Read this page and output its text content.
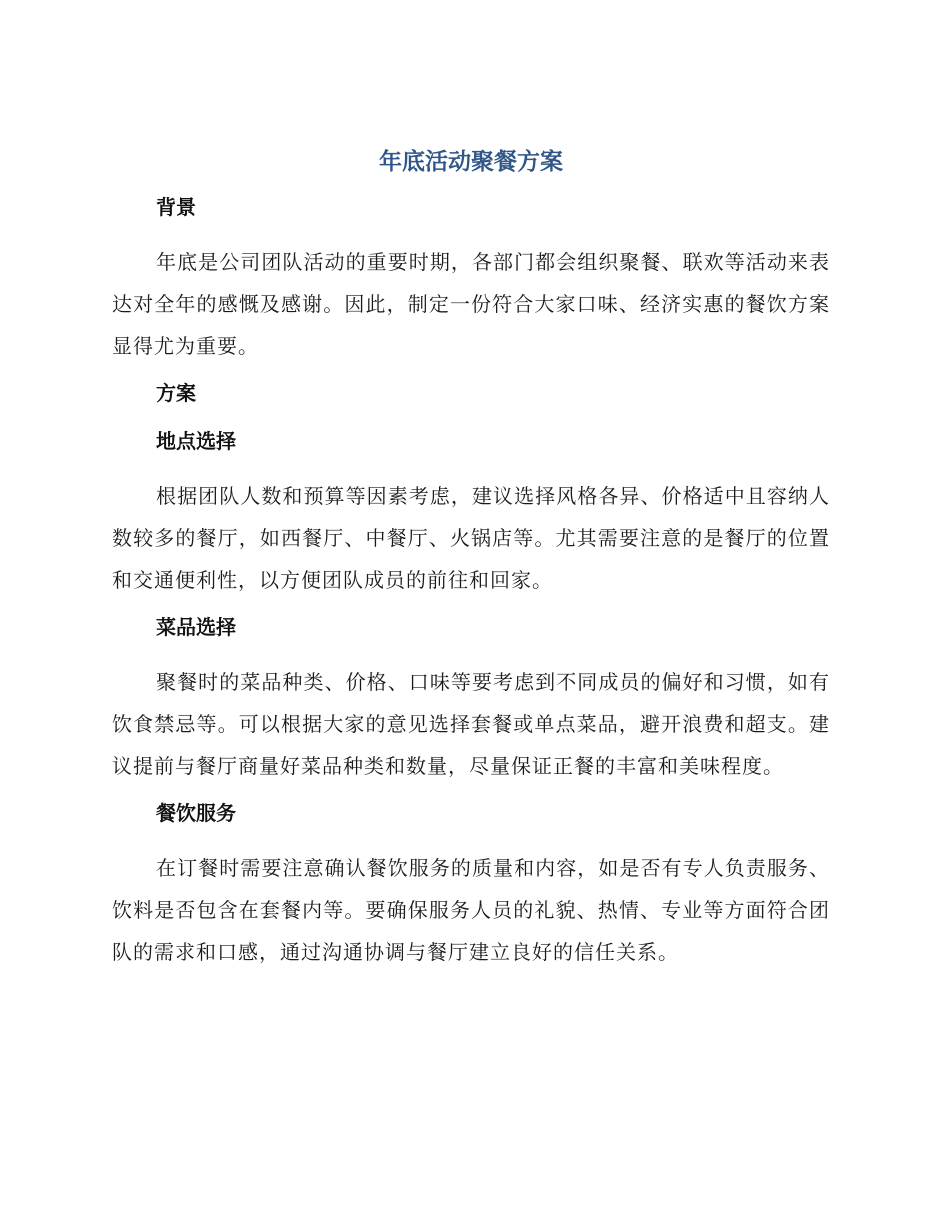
年底活动聚餐方案
背景

年底是公司团队活动的重要时期，各部门都会组织聚餐、联欢等活动来表达对全年的感慨及感谢。因此，制定一份符合大家口味、经济实惠的餐饮方案显得尤为重要。

方案
地点选择

根据团队人数和预算等因素考虑，建议选择风格各异、价格适中且容纳人数较多的餐厅，如西餐厅、中餐厅、火锅店等。尤其需要注意的是餐厅的位置和交通便利性，以方便团队成员的前往和回家。

菜品选择

聚餐时的菜品种类、价格、口味等要考虑到不同成员的偏好和习惯，如有饮食禁忌等。可以根据大家的意见选择套餐或单点菜品，避开浪费和超支。建议提前与餐厅商量好菜品种类和数量，尽量保证正餐的丰富和美味程度。

餐饮服务

在订餐时需要注意确认餐饮服务的质量和内容，如是否有专人负责服务、饮料是否包含在套餐内等。要确保服务人员的礼貌、热情、专业等方面符合团队的需求和口感，通过沟通协调与餐厅建立良好的信任关系。
